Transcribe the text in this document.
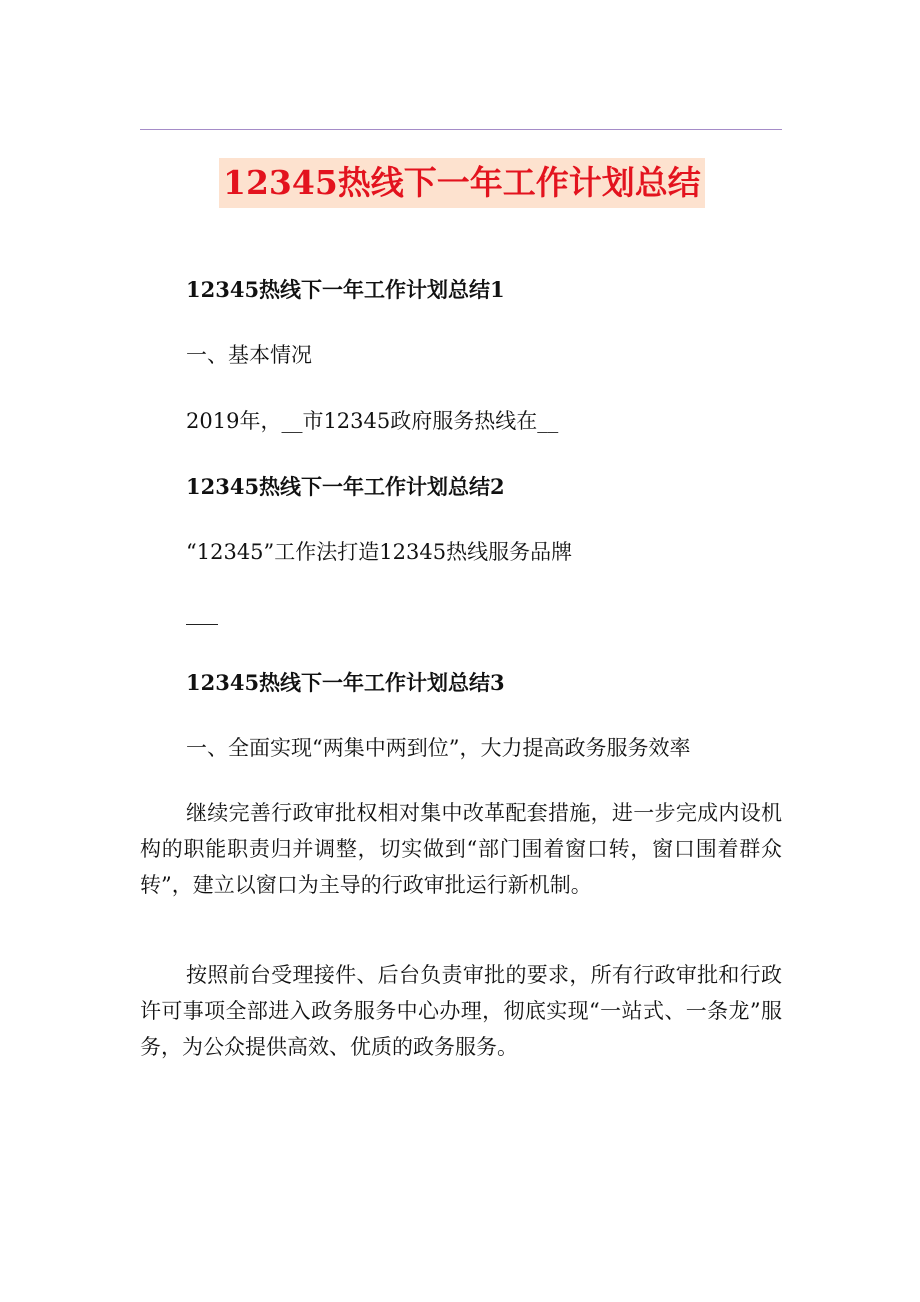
12345热线下一年工作计划总结
12345热线下一年工作计划总结1
一、基本情况
2019年，__市12345政府服务热线在__
12345热线下一年工作计划总结2
“12345”工作法打造12345热线服务品牌
12345热线下一年工作计划总结3
一、全面实现“两集中两到位”，大力提高政务服务效率
继续完善行政审批权相对集中改革配套措施，进一步完成内设机构的职能职责归并调整，切实做到“部门围着窗口转，窗口围着群众转”，建立以窗口为主导的行政审批运行新机制。
按照前台受理接件、后台负责审批的要求，所有行政审批和行政许可事项全部进入政务服务中心办理，彻底实现“一站式、一条龙”服务，为公众提供高效、优质的政务服务。
